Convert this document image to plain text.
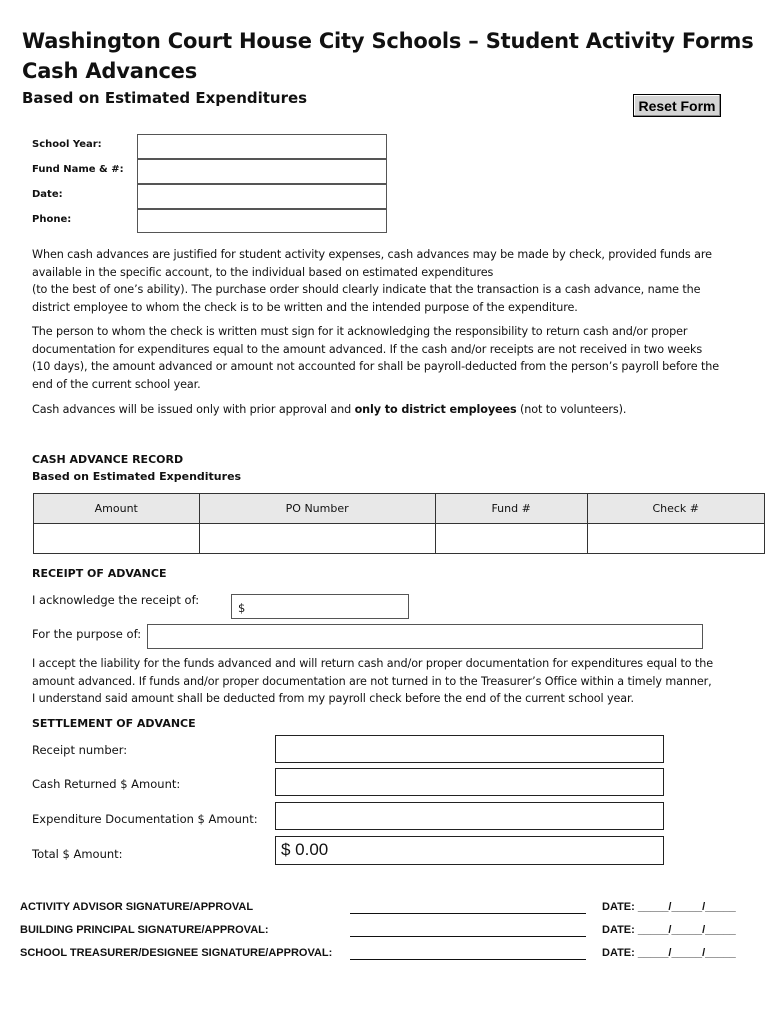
Washington Court House City Schools – Student Activity Forms
Cash Advances
Based on Estimated Expenditures	Reset Form
School Year:
Fund Name & #:
Date:
Phone:
When cash advances are justified for student activity expenses, cash advances may be made by check, provided funds are
available in the specific account, to the individual based on estimated expenditures
(to the best of one’s ability). The purchase order should clearly indicate that the transaction is a cash advance, name the
district employee to whom the check is to be written and the intended purpose of the expenditure.
The person to whom the check is written must sign for it acknowledging the responsibility to return cash and/or proper
documentation for expenditures equal to the amount advanced. If the cash and/or receipts are not received in two weeks
(10 days), the amount advanced or amount not accounted for shall be payroll-deducted from the person’s payroll before the
end of the current school year.
Cash advances will be issued only with prior approval and only to district employees (not to volunteers).
CASH ADVANCE RECORD
Based on Estimated Expenditures
Amount	PO Number	Fund #	Check #

RECEIPT OF ADVANCE
I acknowledge the receipt of:
$
For the purpose of:
I accept the liability for the funds advanced and will return cash and/or proper documentation for expenditures equal to the
amount advanced. If funds and/or proper documentation are not turned in to the Treasurer’s Office within a timely manner,
I understand said amount shall be deducted from my payroll check before the end of the current school year.
SETTLEMENT OF ADVANCE
Receipt number:
Cash Returned $ Amount:
Expenditure Documentation $ Amount:
Total $ Amount:	$ 0.00
ACTIVITY ADVISOR SIGNATURE/APPROVAL	DATE: _____/_____/_____
BUILDING PRINCIPAL SIGNATURE/APPROVAL:	DATE: _____/_____/_____
SCHOOL TREASURER/DESIGNEE SIGNATURE/APPROVAL:	DATE: _____/_____/_____
